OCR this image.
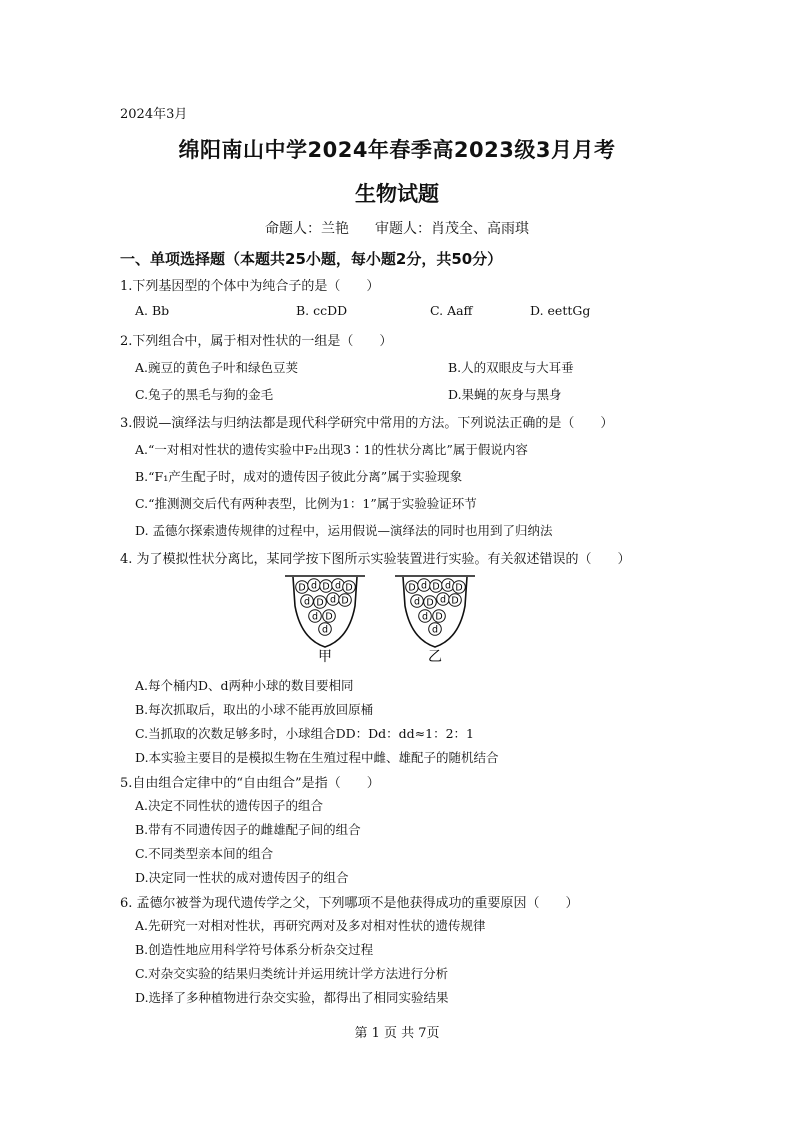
2024年3月
绵阳南山中学2024年春季高2023级3月月考
生物试题
命题人：兰艳 审题人：肖茂全、高雨琪
一、单项选择题（本题共25小题，每小题2分，共50分）
1.下列基因型的个体中为纯合子的是（　　）
A. Bb	B. ccDD	C. Aaff	D. eettGg
2.下列组合中，属于相对性状的一组是（　　）
A.豌豆的黄色子叶和绿色豆荚	B.人的双眼皮与大耳垂
C.兔子的黑毛与狗的金毛	D.果蝇的灰身与黑身
3.假说—演绎法与归纳法都是现代科学研究中常用的方法。下列说法正确的是（　　）
A.“一对相对性状的遗传实验中F₂出现3∶1的性状分离比”属于假说内容
B.“F₁产生配子时，成对的遗传因子彼此分离”属于实验现象
C.“推测测交后代有两种表型，比例为1：1”属于实验验证环节
D. 孟德尔探索遗传规律的过程中，运用假说—演绎法的同时也用到了归纳法
4. 为了模拟性状分离比，某同学按下图所示实验装置进行实验。有关叙述错误的（　　）
D d D d D
d D d D
d D
d
甲
D d D d D
d D d D
d D
d
乙
A.每个桶内D、d两种小球的数目要相同
B.每次抓取后，取出的小球不能再放回原桶
C.当抓取的次数足够多时，小球组合DD：Dd：dd≈1：2：1
D.本实验主要目的是模拟生物在生殖过程中雌、雄配子的随机结合
5.自由组合定律中的“自由组合”是指（　　）
A.决定不同性状的遗传因子的组合
B.带有不同遗传因子的雌雄配子间的组合
C.不同类型亲本间的组合
D.决定同一性状的成对遗传因子的组合
6. 孟德尔被誉为现代遗传学之父，下列哪项不是他获得成功的重要原因（　　）
A.先研究一对相对性状，再研究两对及多对相对性状的遗传规律
B.创造性地应用科学符号体系分析杂交过程
C.对杂交实验的结果归类统计并运用统计学方法进行分析
D.选择了多种植物进行杂交实验，都得出了相同实验结果
第 1 页 共 7页
